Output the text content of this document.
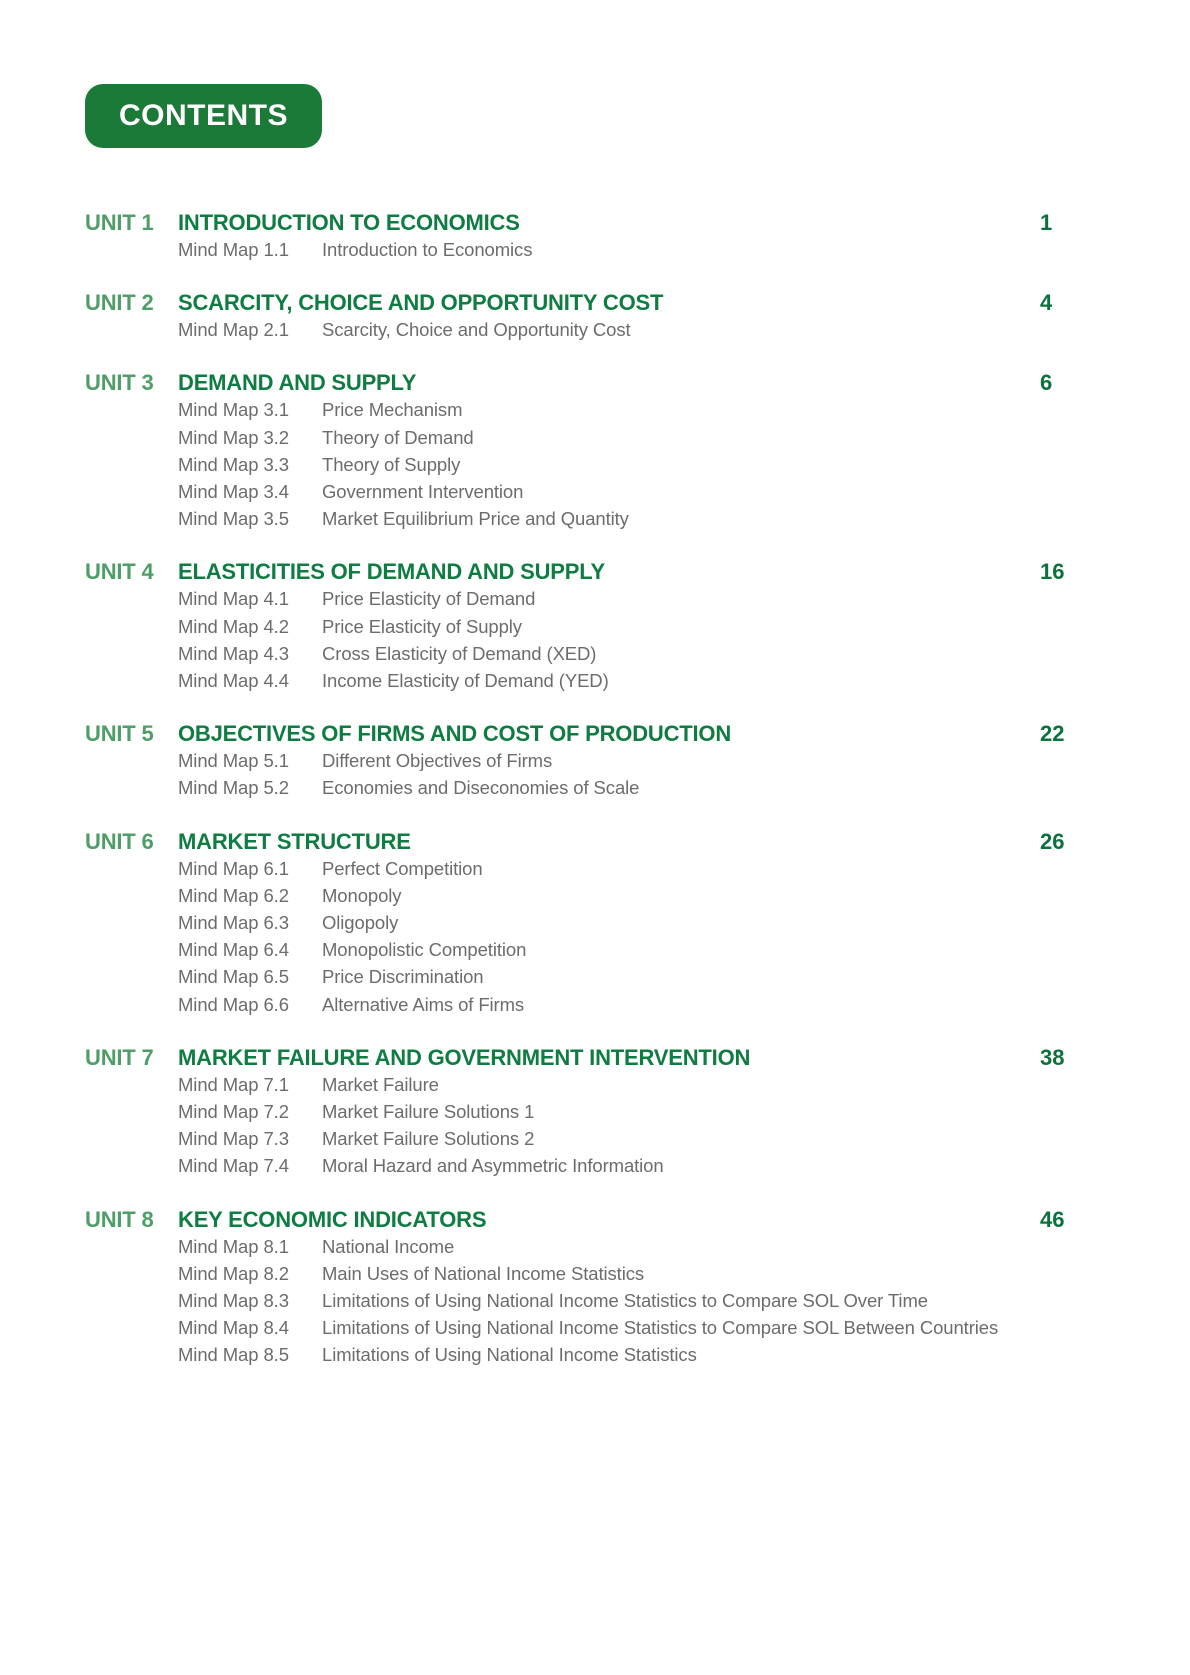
CONTENTS
UNIT 1	INTRODUCTION TO ECONOMICS	1
Mind Map 1.1	Introduction to Economics
UNIT 2	SCARCITY, CHOICE AND OPPORTUNITY COST	4
Mind Map 2.1	Scarcity, Choice and Opportunity Cost
UNIT 3	DEMAND AND SUPPLY	6
Mind Map 3.1	Price Mechanism
Mind Map 3.2	Theory of Demand
Mind Map 3.3	Theory of Supply
Mind Map 3.4	Government Intervention
Mind Map 3.5	Market Equilibrium Price and Quantity
UNIT 4	ELASTICITIES OF DEMAND AND SUPPLY	16
Mind Map 4.1	Price Elasticity of Demand
Mind Map 4.2	Price Elasticity of Supply
Mind Map 4.3	Cross Elasticity of Demand (XED)
Mind Map 4.4	Income Elasticity of Demand (YED)
UNIT 5	OBJECTIVES OF FIRMS AND COST OF PRODUCTION	22
Mind Map 5.1	Different Objectives of Firms
Mind Map 5.2	Economies and Diseconomies of Scale
UNIT 6	MARKET STRUCTURE	26
Mind Map 6.1	Perfect Competition
Mind Map 6.2	Monopoly
Mind Map 6.3	Oligopoly
Mind Map 6.4	Monopolistic Competition
Mind Map 6.5	Price Discrimination
Mind Map 6.6	Alternative Aims of Firms
UNIT 7	MARKET FAILURE AND GOVERNMENT INTERVENTION	38
Mind Map 7.1	Market Failure
Mind Map 7.2	Market Failure Solutions 1
Mind Map 7.3	Market Failure Solutions 2
Mind Map 7.4	Moral Hazard and Asymmetric Information
UNIT 8	KEY ECONOMIC INDICATORS	46
Mind Map 8.1	National Income
Mind Map 8.2	Main Uses of National Income Statistics
Mind Map 8.3	Limitations of Using National Income Statistics to Compare SOL Over Time
Mind Map 8.4	Limitations of Using National Income Statistics to Compare SOL Between Countries
Mind Map 8.5	Limitations of Using National Income Statistics
